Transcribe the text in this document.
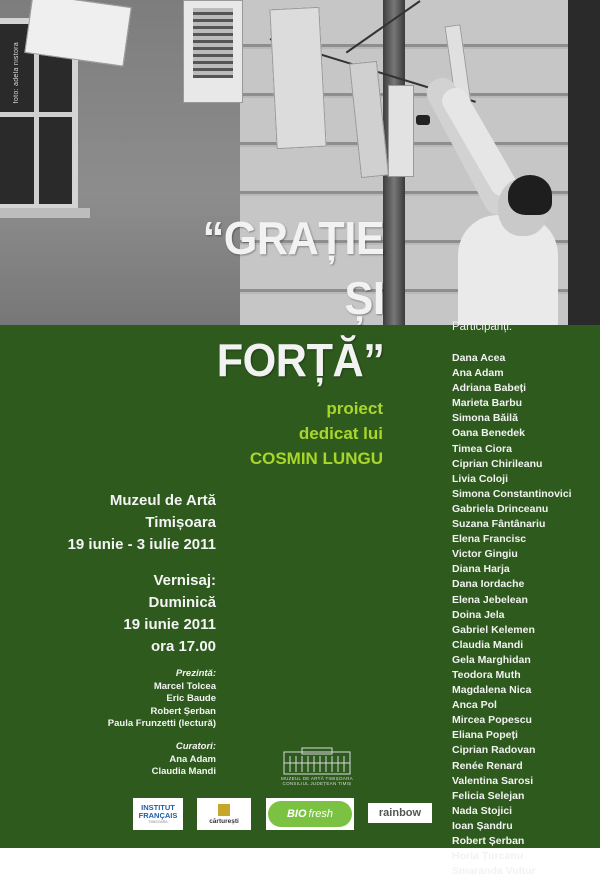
foto: adela nistora
“GRAȚIE
ȘI
FORȚĂ”
proiect
dedicat lui
COSMIN LUNGU
Muzeul de Artă
Timișoara
19 iunie - 3 iulie 2011
Vernisaj:
Duminică
19 iunie 2011
ora 17.00
Prezintă:
Marcel Tolcea
Eric Baude
Robert Șerban
Paula Frunzetti (lectură)
Curatori:
Ana Adam
Claudia Mandi
Participanți:
Dana Acea
Ana Adam
Adriana Babeți
Marieta Barbu
Simona Băilă
Oana Benedek
Timea Ciora
Ciprian Chirileanu
Livia Coloji
Simona Constantinovici
Gabriela Drinceanu
Suzana Fântânariu
Elena Francisc
Victor Gingiu
Diana Harja
Dana Iordache
Elena Jebelean
Doina Jela
Gabriel Kelemen
Claudia Mandi
Gela Marghidan
Teodora Muth
Magdalena Nica
Anca Pol
Mircea Popescu
Eliana Popeți
Ciprian Radovan
Renée Renard
Valentina Sarosi
Felicia Selejan
Nada Stojici
Ioan Șandru
Robert Șerban
Horia Țurcanu
Smaranda Vultur
MUZEUL DE ARTĂ TIMIȘOARA
CONSILIUL JUDEȚEAN TIMIȘ
INSTITUT FRANÇAIS
TIMIȘOARA	cărturești
BIO fresh	rainbow
